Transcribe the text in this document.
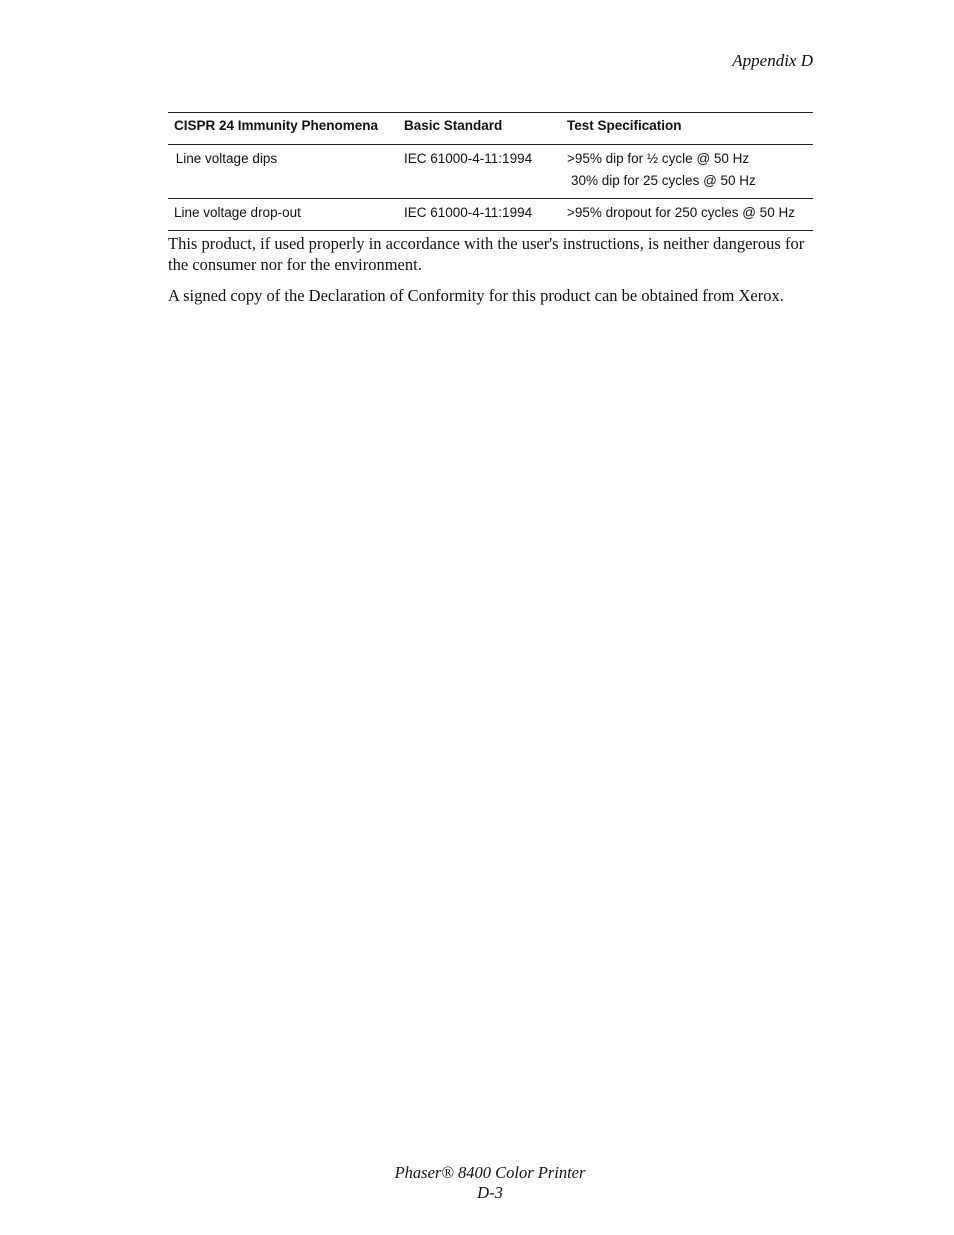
Appendix D
CISPR 24 Immunity Phenomena	Basic Standard	Test Specification
Line voltage dips	IEC 61000-4-11:1994	>95% dip for ½ cycle @ 50 Hz
30% dip for 25 cycles @ 50 Hz

Line voltage drop-out	IEC 61000-4-11:1994	>95% dropout for 250 cycles @ 50 Hz

This product, if used properly in accordance with the user's instructions, is neither dangerous for the consumer nor for the environment.

A signed copy of the Declaration of Conformity for this product can be obtained from Xerox.

Phaser® 8400 Color Printer
D-3
